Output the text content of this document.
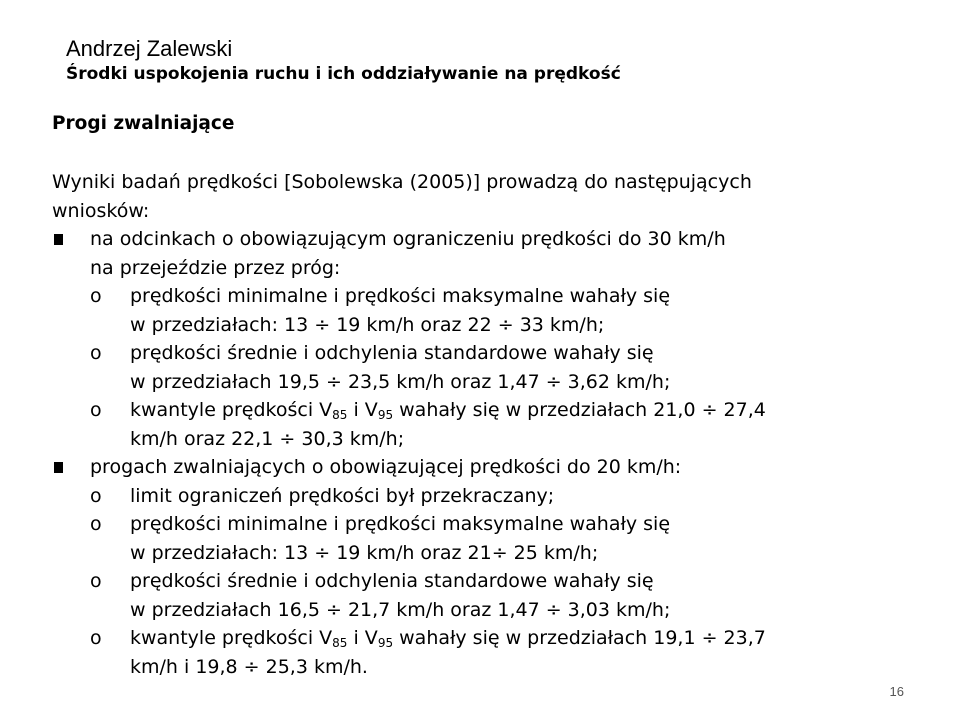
Andrzej Zalewski
Środki uspokojenia ruchu i ich oddziaływanie na prędkość
Progi zwalniające
Wyniki badań prędkości [Sobolewska (2005)] prowadzą do następujących
wniosków:
na odcinkach o obowiązującym ograniczeniu prędkości do 30 km/h
na przejeździe przez próg:
o prędkości minimalne i prędkości maksymalne wahały się
w przedziałach: 13 ÷ 19 km/h oraz 22 ÷ 33 km/h;
o prędkości średnie i odchylenia standardowe wahały się
w przedziałach 19,5 ÷ 23,5 km/h oraz 1,47 ÷ 3,62 km/h;
o kwantyle prędkości $V_{85}$ i $V_{95}$ wahały się w przedziałach 21,0 ÷ 27,4
km/h oraz 22,1 ÷ 30,3 km/h;
progach zwalniających o obowiązującej prędkości do 20 km/h:
o limit ograniczeń prędkości był przekraczany;
o prędkości minimalne i prędkości maksymalne wahały się
w przedziałach: 13 ÷ 19 km/h oraz 21÷ 25 km/h;
o prędkości średnie i odchylenia standardowe wahały się
w przedziałach 16,5 ÷ 21,7 km/h oraz 1,47 ÷ 3,03 km/h;
o kwantyle prędkości $V_{85}$ i $V_{95}$ wahały się w przedziałach 19,1 ÷ 23,7
km/h i 19,8 ÷ 25,3 km/h.
16
